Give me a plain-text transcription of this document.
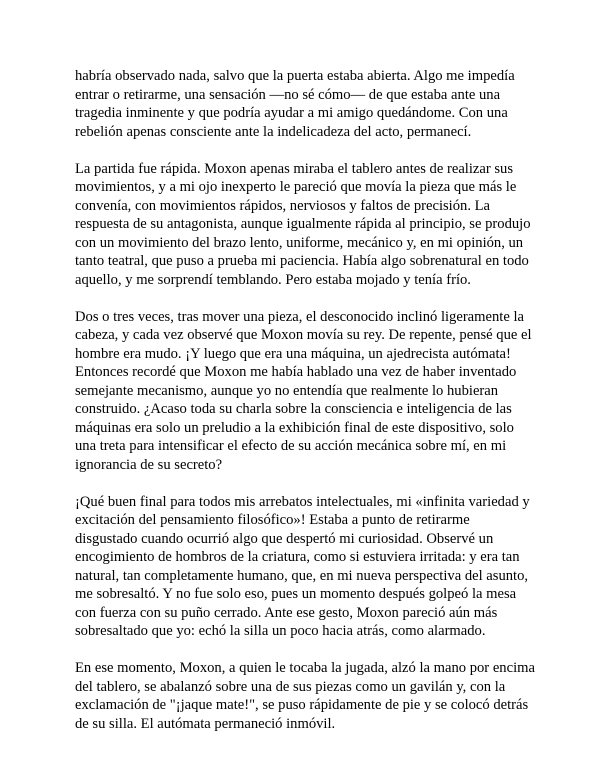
habría observado nada, salvo que la puerta estaba abierta. Algo me impedía entrar o retirarme, una sensación —no sé cómo— de que estaba ante una tragedia inminente y que podría ayudar a mi amigo quedándome. Con una rebelión apenas consciente ante la indelicadeza del acto, permanecí.

La partida fue rápida. Moxon apenas miraba el tablero antes de realizar sus movimientos, y a mi ojo inexperto le pareció que movía la pieza que más le convenía, con movimientos rápidos, nerviosos y faltos de precisión. La respuesta de su antagonista, aunque igualmente rápida al principio, se produjo con un movimiento del brazo lento, uniforme, mecánico y, en mi opinión, un tanto teatral, que puso a prueba mi paciencia. Había algo sobrenatural en todo aquello, y me sorprendí temblando. Pero estaba mojado y tenía frío.

Dos o tres veces, tras mover una pieza, el desconocido inclinó ligeramente la cabeza, y cada vez observé que Moxon movía su rey. De repente, pensé que el hombre era mudo. ¡Y luego que era una máquina, un ajedrecista autómata! Entonces recordé que Moxon me había hablado una vez de haber inventado semejante mecanismo, aunque yo no entendía que realmente lo hubieran construido. ¿Acaso toda su charla sobre la consciencia e inteligencia de las máquinas era solo un preludio a la exhibición final de este dispositivo, solo una treta para intensificar el efecto de su acción mecánica sobre mí, en mi ignorancia de su secreto?

¡Qué buen final para todos mis arrebatos intelectuales, mi «infinita variedad y excitación del pensamiento filosófico»! Estaba a punto de retirarme disgustado cuando ocurrió algo que despertó mi curiosidad. Observé un encogimiento de hombros de la criatura, como si estuviera irritada: y era tan natural, tan completamente humano, que, en mi nueva perspectiva del asunto, me sobresaltó. Y no fue solo eso, pues un momento después golpeó la mesa con fuerza con su puño cerrado. Ante ese gesto, Moxon pareció aún más sobresaltado que yo: echó la silla un poco hacia atrás, como alarmado.

En ese momento, Moxon, a quien le tocaba la jugada, alzó la mano por encima del tablero, se abalanzó sobre una de sus piezas como un gavilán y, con la exclamación de "¡jaque mate!", se puso rápidamente de pie y se colocó detrás de su silla. El autómata permaneció inmóvil.
